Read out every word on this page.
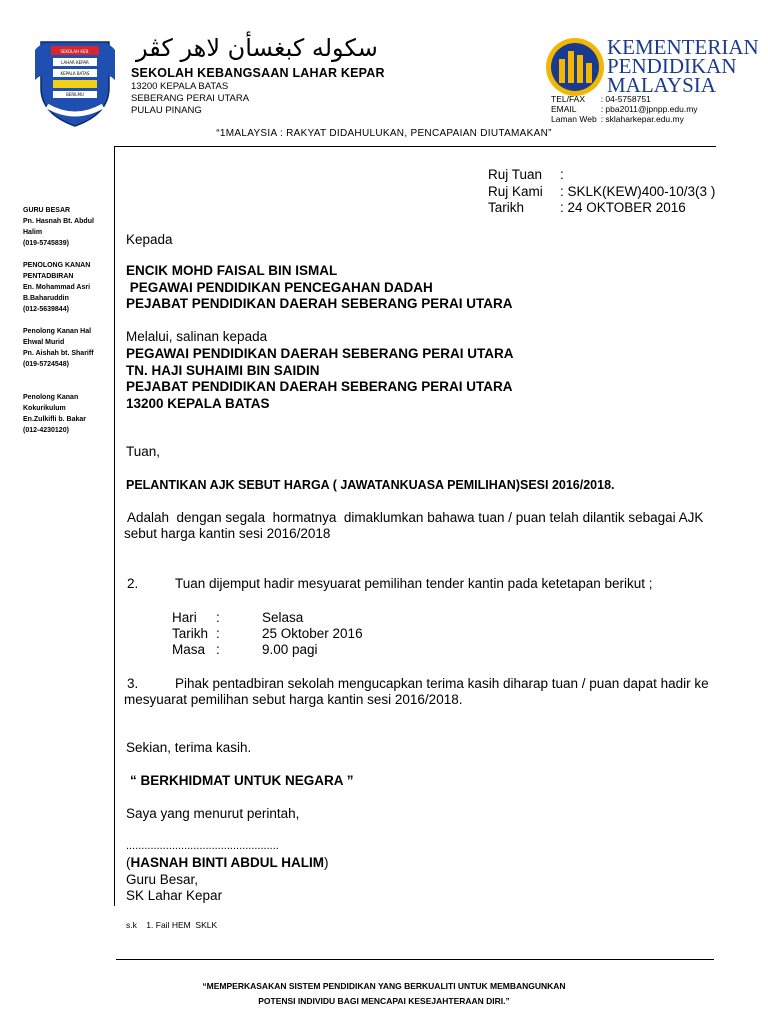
SEKOLAH KEB.
LAHAR KEPAR
KEPALA BATAS
BERILMU
سکوله کبغسأن لاهر کڤر
SEKOLAH KEBANGSAAN LAHAR KEPAR
13200 KEPALA BATAS
SEBERANG PERAI UTARA
PULAU PINANG
KEMENTERIAN
PENDIDIKAN
MALAYSIA
TEL/FAX	: 04-5758751
EMAIL	: pba2011@jpnpp.edu.my
Laman Web	: sklaharkepar.edu.my
“1MALAYSIA : RAKYAT DIDAHULUKAN, PENCAPAIAN DIUTAMAKAN”
GURU BESAR
Pn. Hasnah Bt. Abdul Halim
(019-5745839)
PENOLONG KANAN PENTADBIRAN
En. Mohammad Asri B.Baharuddin
(012-5639844)
Penolong Kanan Hal Ehwal Murid
Pn. Aishah bt. Shariff
(019-5724548)
Penolong Kanan Kokurikulum
En.Zulkifli b. Bakar
(012-4230120)
Ruj Tuan	:
Ruj Kami	: SKLK(KEW)400-10/3(3 )
Tarikh	: 24 OKTOBER 2016
Kepada
ENCIK MOHD FAISAL BIN ISMAL
PEGAWAI PENDIDIKAN PENCEGAHAN DADAH
PEJABAT PENDIDIKAN DAERAH SEBERANG PERAI UTARA
Melalui, salinan kepada
PEGAWAI PENDIDIKAN DAERAH SEBERANG PERAI UTARA
TN. HAJI SUHAIMI BIN SAIDIN
PEJABAT PENDIDIKAN DAERAH SEBERANG PERAI UTARA
13200 KEPALA BATAS
Tuan,
PELANTIKAN AJK SEBUT HARGA ( JAWATANKUASA PEMILIHAN)SESI 2016/2018.
Adalah  dengan segala  hormatnya  dimaklumkan bahawa tuan / puan telah dilantik sebagai AJK
sebut harga kantin sesi 2016/2018
2.	Tuan dijemput hadir mesyuarat pemilihan tender kantin pada ketetapan berikut ;
Hari	:	Selasa
Tarikh	:	25 Oktober 2016
Masa	:	9.00 pagi
3.	Pihak pentadbiran sekolah mengucapkan terima kasih diharap tuan / puan dapat hadir ke
mesyuarat pemilihan sebut harga kantin sesi 2016/2018.
Sekian, terima kasih.
“ BERKHIDMAT UNTUK NEGARA ”
Saya yang menurut perintah,
..................................................
(HASNAH BINTI ABDUL HALIM)
Guru Besar,
SK Lahar Kepar
s.k    1. Fail HEM  SKLK
“MEMPERKASAKAN SISTEM PENDIDIKAN YANG BERKUALITI UNTUK MEMBANGUNKAN
POTENSI INDIVIDU BAGI MENCAPAI KESEJAHTERAAN DIRI.”
